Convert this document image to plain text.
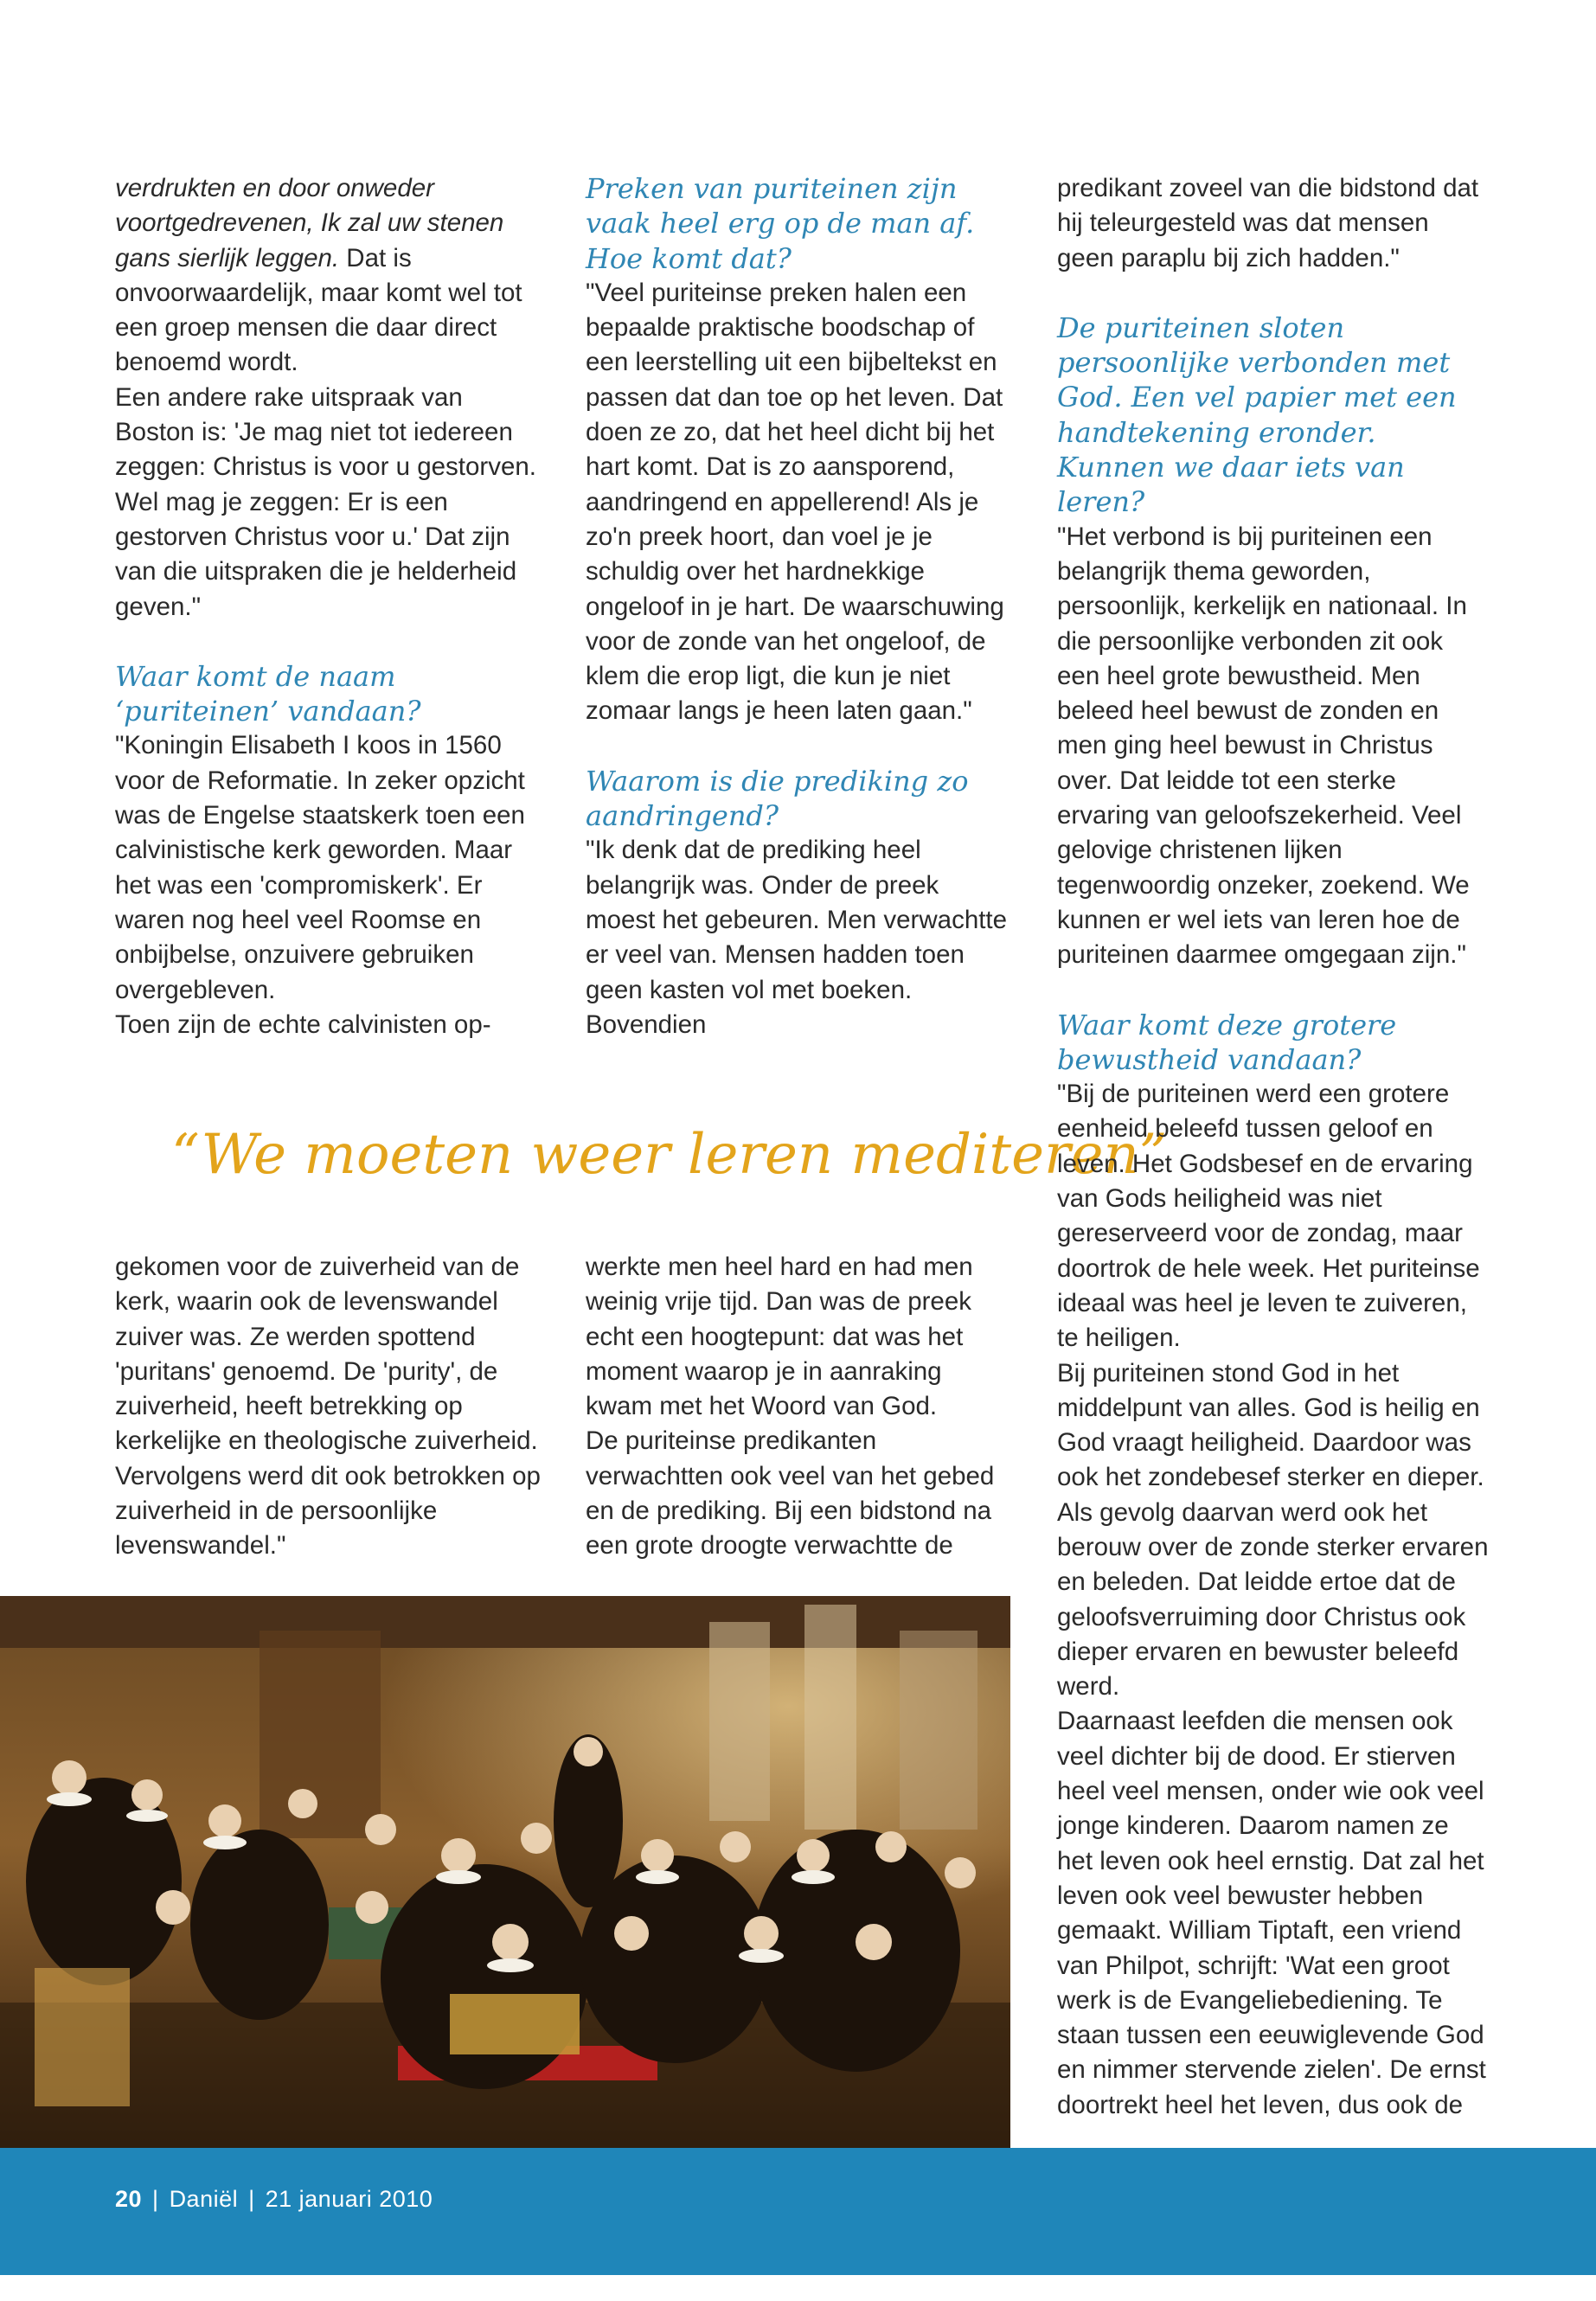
verdrukten en door onweder voortgedrevenen, Ik zal uw stenen gans sierlijk leggen. Dat is onvoorwaardelijk, maar komt wel tot een groep mensen die daar direct benoemd wordt.

Een andere rake uitspraak van Boston is: 'Je mag niet tot iedereen zeggen: Christus is voor u gestorven. Wel mag je zeggen: Er is een gestorven Christus voor u.' Dat zijn van die uitspraken die je helderheid geven."

Waar komt de naam ‘puriteinen’ vandaan?

"Koningin Elisabeth I koos in 1560 voor de Reformatie. In zeker opzicht was de Engelse staatskerk toen een calvinistische kerk geworden. Maar het was een 'compromiskerk'. Er waren nog heel veel Roomse en onbijbelse, onzuivere gebruiken overgebleven.

Toen zijn de echte calvinisten op-

Preken van puriteinen zijn vaak heel erg op de man af. Hoe komt dat?

"Veel puriteinse preken halen een bepaalde praktische boodschap of een leerstelling uit een bijbeltekst en passen dat dan toe op het leven. Dat doen ze zo, dat het heel dicht bij het hart komt. Dat is zo aansporend, aandringend en appellerend! Als je zo'n preek hoort, dan voel je je schuldig over het hardnekkige ongeloof in je hart. De waarschuwing voor de zonde van het ongeloof, de klem die erop ligt, die kun je niet zomaar langs je heen laten gaan."

Waarom is die prediking zo aandringend?

"Ik denk dat de prediking heel belangrijk was. Onder de preek moest het gebeuren. Men verwachtte er veel van. Mensen hadden toen geen kasten vol met boeken. Bovendien

“We moeten weer leren mediteren”

gekomen voor de zuiverheid van de kerk, waarin ook de levenswandel zuiver was. Ze werden spottend 'puritans' genoemd. De 'purity', de zuiverheid, heeft betrekking op kerkelijke en theologische zuiverheid. Vervolgens werd dit ook betrokken op zuiverheid in de persoonlijke levenswandel."

werkte men heel hard en had men weinig vrije tijd. Dan was de preek echt een hoogtepunt: dat was het moment waarop je in aanraking kwam met het Woord van God.

De puriteinse predikanten verwachtten ook veel van het gebed en de prediking. Bij een bidstond na een grote droogte verwachtte de

predikant zoveel van die bidstond dat hij teleurgesteld was dat mensen geen paraplu bij zich hadden."

De puriteinen sloten persoonlijke verbonden met God. Een vel papier met een handtekening eronder. Kunnen we daar iets van leren?

"Het verbond is bij puriteinen een belangrijk thema geworden, persoonlijk, kerkelijk en nationaal. In die persoonlijke verbonden zit ook een heel grote bewustheid. Men beleed heel bewust de zonden en men ging heel bewust in Christus over. Dat leidde tot een sterke ervaring van geloofszekerheid. Veel gelovige christenen lijken tegenwoordig onzeker, zoekend. We kunnen er wel iets van leren hoe de puriteinen daarmee omgegaan zijn."

Waar komt deze grotere bewustheid vandaan?

"Bij de puriteinen werd een grotere eenheid beleefd tussen geloof en leven. Het Godsbesef en de ervaring van Gods heiligheid was niet gereserveerd voor de zondag, maar doortrok de hele week. Het puriteinse ideaal was heel je leven te zuiveren, te heiligen.

Bij puriteinen stond God in het middelpunt van alles. God is heilig en God vraagt heiligheid. Daardoor was ook het zondebesef sterker en dieper. Als gevolg daarvan werd ook het berouw over de zonde sterker ervaren en beleden. Dat leidde ertoe dat de geloofsverruiming door Christus ook dieper ervaren en bewuster beleefd werd.

Daarnaast leefden die mensen ook veel dichter bij de dood. Er stierven heel veel mensen, onder wie ook veel jonge kinderen. Daarom namen ze het leven ook heel ernstig. Dat zal het leven ook veel bewuster hebben gemaakt. William Tiptaft, een vriend van Philpot, schrijft: 'Wat een groot werk is de Evangeliebediening. Te staan tussen een eeuwiglevende God en nimmer stervende zielen'. De ernst doortrekt heel het leven, dus ook de

20 | Daniël | 21 januari 2010
